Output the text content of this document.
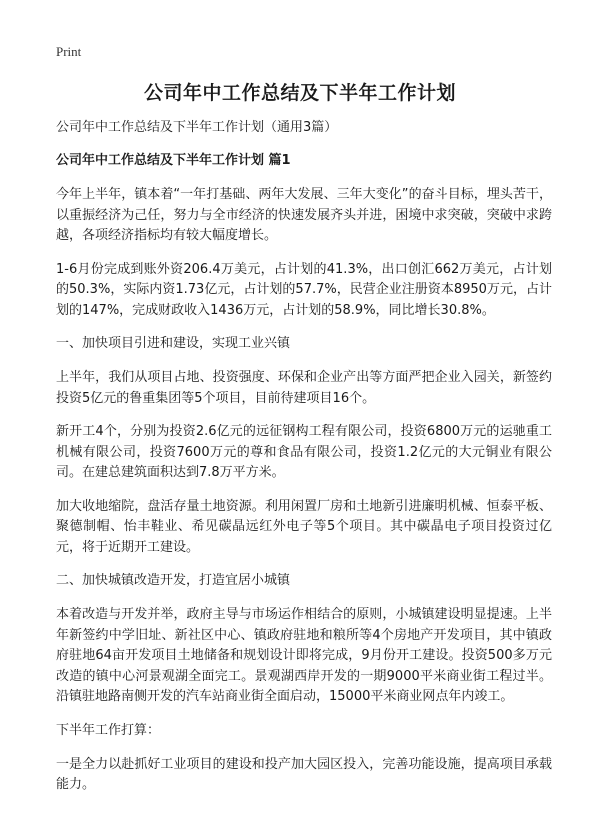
Print
公司年中工作总结及下半年工作计划
公司年中工作总结及下半年工作计划（通用3篇）
公司年中工作总结及下半年工作计划 篇1

今年上半年，镇本着“一年打基础、两年大发展、三年大变化”的奋斗目标，埋头苦干，以重振经济为己任，努力与全市经济的快速发展齐头并进，困境中求突破，突破中求跨越，各项经济指标均有较大幅度增长。

1-6月份完成到账外资206.4万美元，占计划的41.3%，出口创汇662万美元，占计划的50.3%，实际内资1.73亿元，占计划的57.7%，民营企业注册资本8950万元，占计划的147%，完成财政收入1436万元，占计划的58.9%，同比增长30.8%。

一、加快项目引进和建设，实现工业兴镇

上半年，我们从项目占地、投资强度、环保和企业产出等方面严把企业入园关，新签约投资5亿元的鲁重集团等5个项目，目前待建项目16个。

新开工4个，分别为投资2.6亿元的远征钢构工程有限公司，投资6800万元的运驰重工机械有限公司，投资7600万元的尊和食品有限公司，投资1.2亿元的大元铜业有限公司。在建总建筑面积达到7.8万平方米。

加大收地缩院，盘活存量土地资源。利用闲置厂房和土地新引进廉明机械、恒泰平板、聚德制帽、怡丰鞋业、希见碳晶远红外电子等5个项目。其中碳晶电子项目投资过亿元，将于近期开工建设。

二、加快城镇改造开发，打造宜居小城镇

本着改造与开发并举，政府主导与市场运作相结合的原则，小城镇建设明显提速。上半年新签约中学旧址、新社区中心、镇政府驻地和粮所等4个房地产开发项目，其中镇政府驻地64亩开发项目土地储备和规划设计即将完成，9月份开工建设。投资500多万元改造的镇中心河景观湖全面完工。景观湖西岸开发的一期9000平米商业街工程过半。沿镇驻地路南侧开发的汽车站商业街全面启动，15000平米商业网点年内竣工。

下半年工作打算：

一是全力以赴抓好工业项目的建设和投产加大园区投入，完善功能设施，提高项目承载能力。
